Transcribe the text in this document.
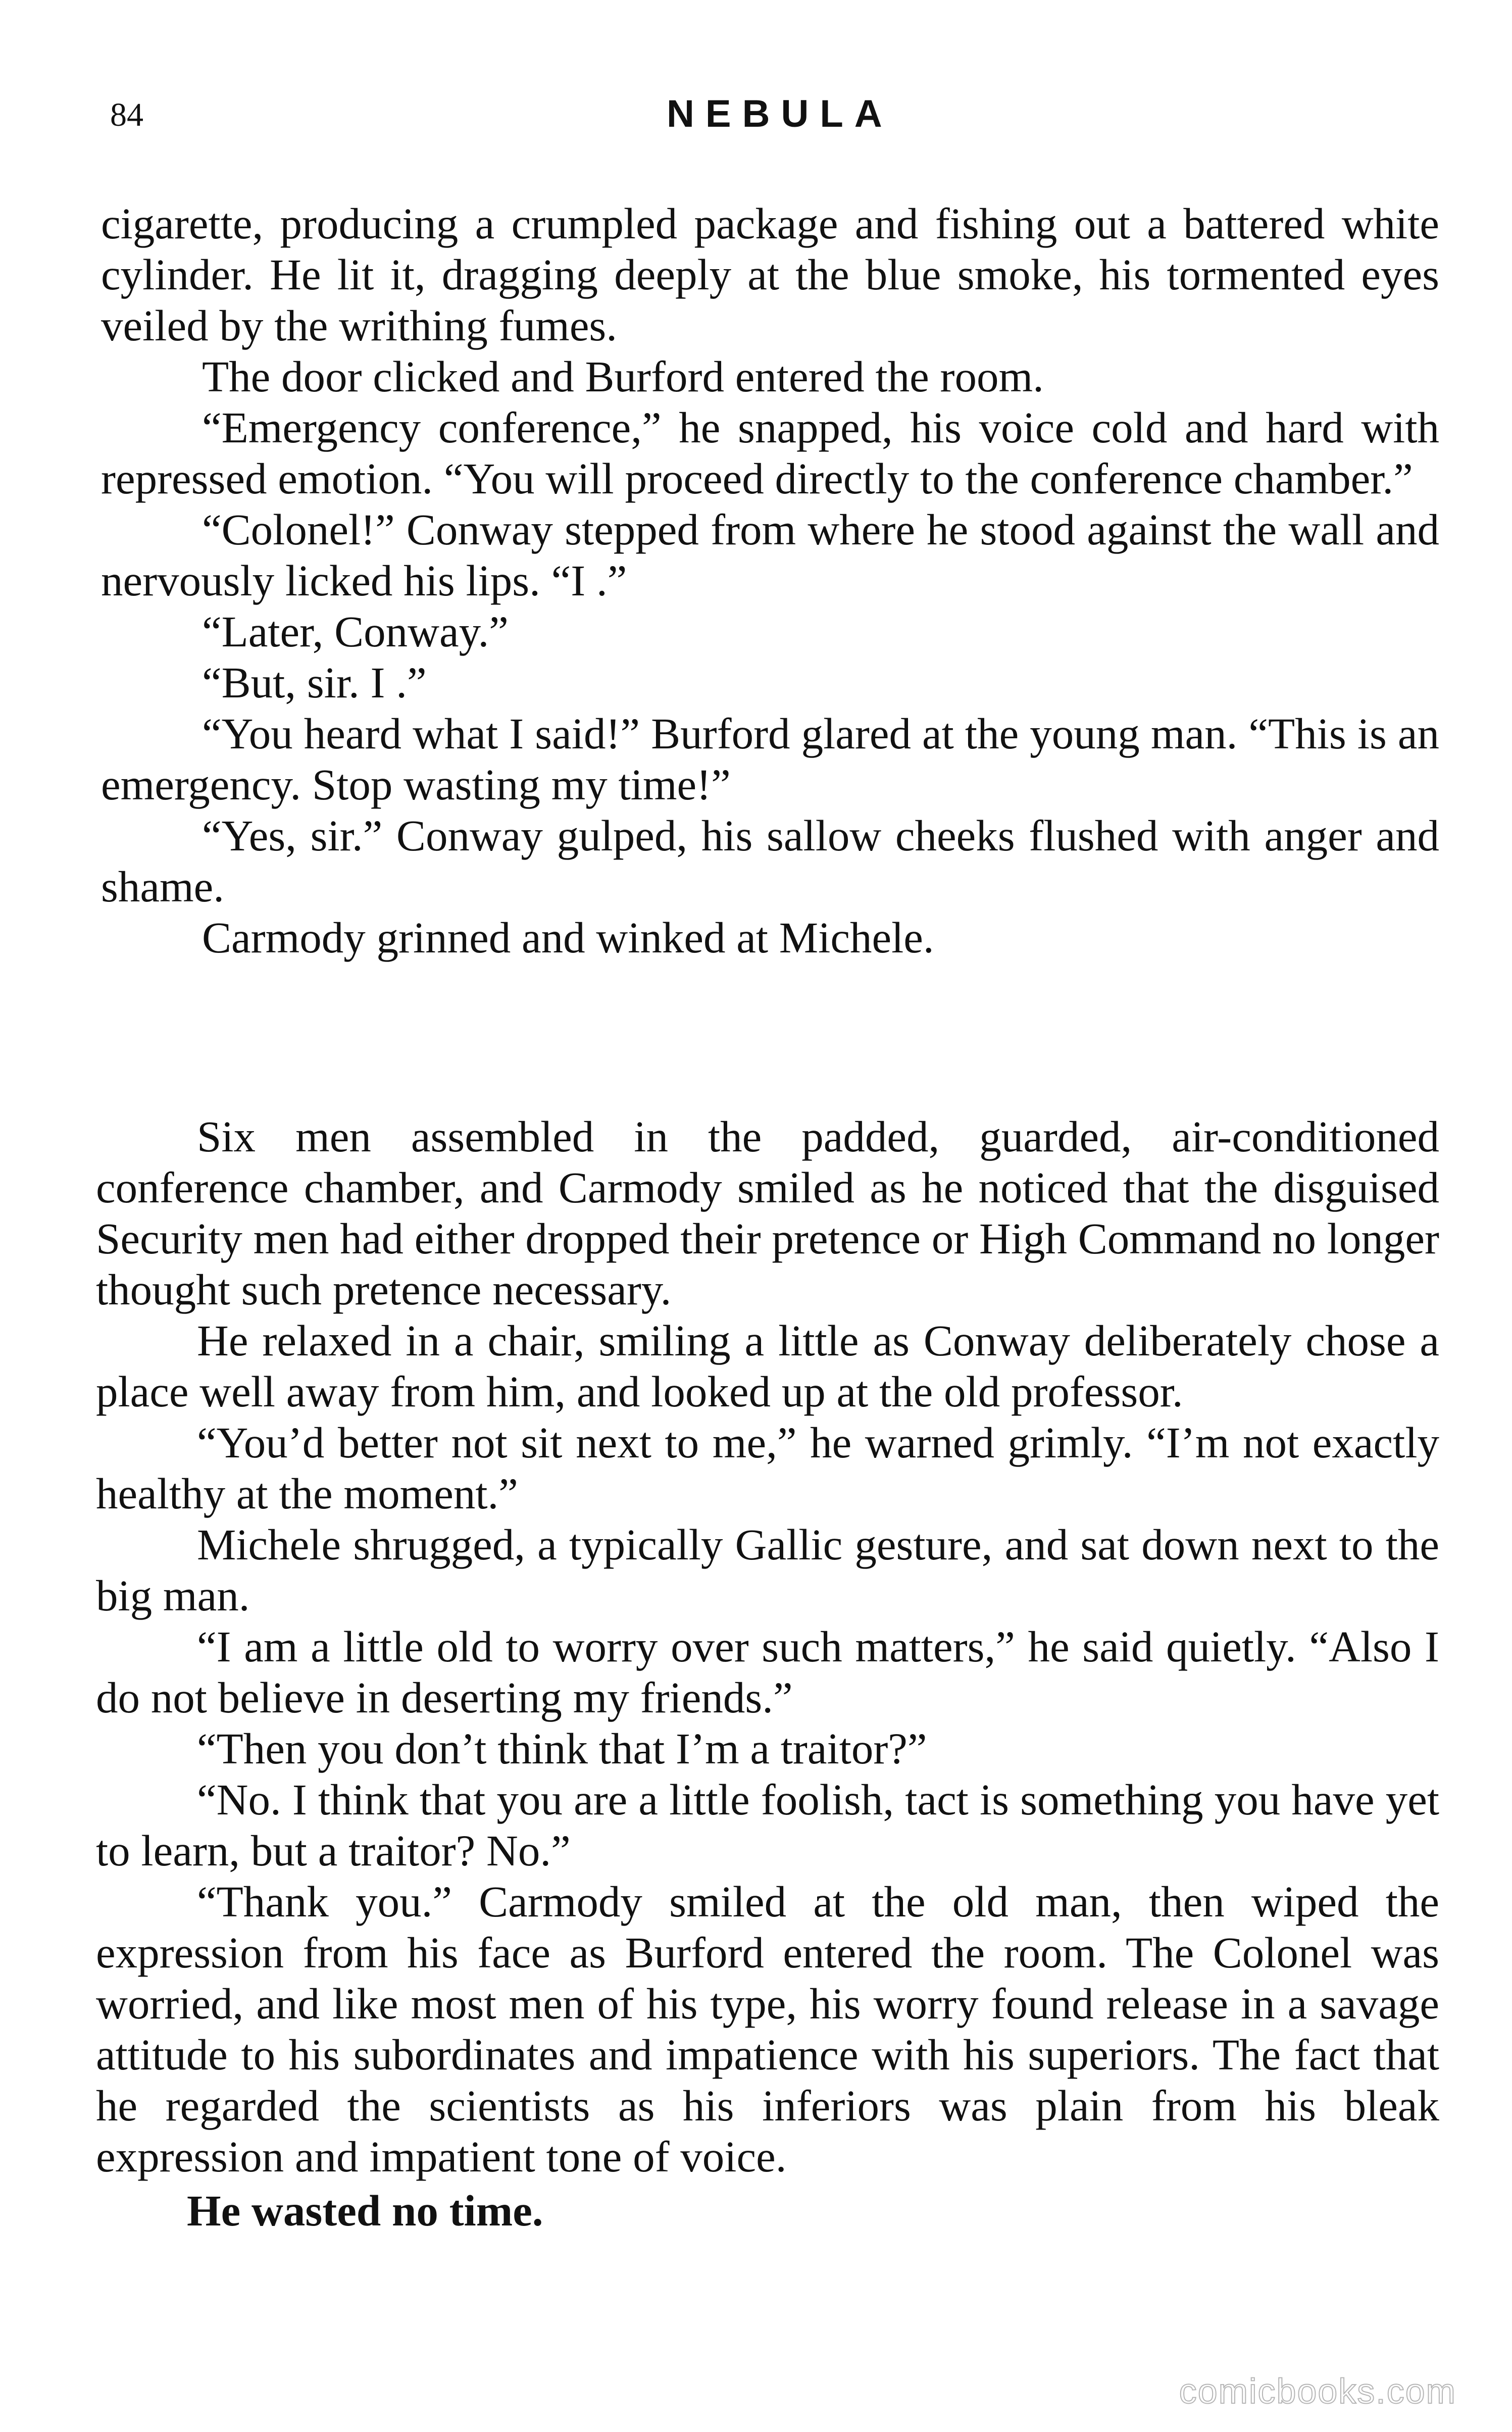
84	NEBULA

cigarette, producing a crumpled package and fishing out a battered white cylinder. He lit it, dragging deeply at the blue smoke, his tormented eyes veiled by the writhing fumes.

The door clicked and Burford entered the room.

“Emergency conference,” he snapped, his voice cold and hard with repressed emotion. “You will proceed directly to the conference chamber.”

“Colonel!” Conway stepped from where he stood against the wall and nervously licked his lips. “I .”

“Later, Conway.”

“But, sir. I .”

“You heard what I said!” Burford glared at the young man. “This is an emergency. Stop wasting my time!”

“Yes, sir.” Conway gulped, his sallow cheeks flushed with anger and shame.

Carmody grinned and winked at Michele.

Six men assembled in the padded, guarded, air-conditioned conference chamber, and Carmody smiled as he noticed that the disguised Security men had either dropped their pretence or High Command no longer thought such pretence necessary.

He relaxed in a chair, smiling a little as Conway deliberately chose a place well away from him, and looked up at the old professor.

“You’d better not sit next to me,” he warned grimly. “I’m not exactly healthy at the moment.”

Michele shrugged, a typically Gallic gesture, and sat down next to the big man.

“I am a little old to worry over such matters,” he said quietly. “Also I do not believe in deserting my friends.”

“Then you don’t think that I’m a traitor?”

“No. I think that you are a little foolish, tact is something you have yet to learn, but a traitor? No.”

“Thank you.” Carmody smiled at the old man, then wiped the expression from his face as Burford entered the room. The Colonel was worried, and like most men of his type, his worry found release in a savage attitude to his subordinates and impatience with his superiors. The fact that he regarded the scientists as his inferiors was plain from his bleak expression and impatient tone of voice.

He wasted no time.

comicbooks.com
